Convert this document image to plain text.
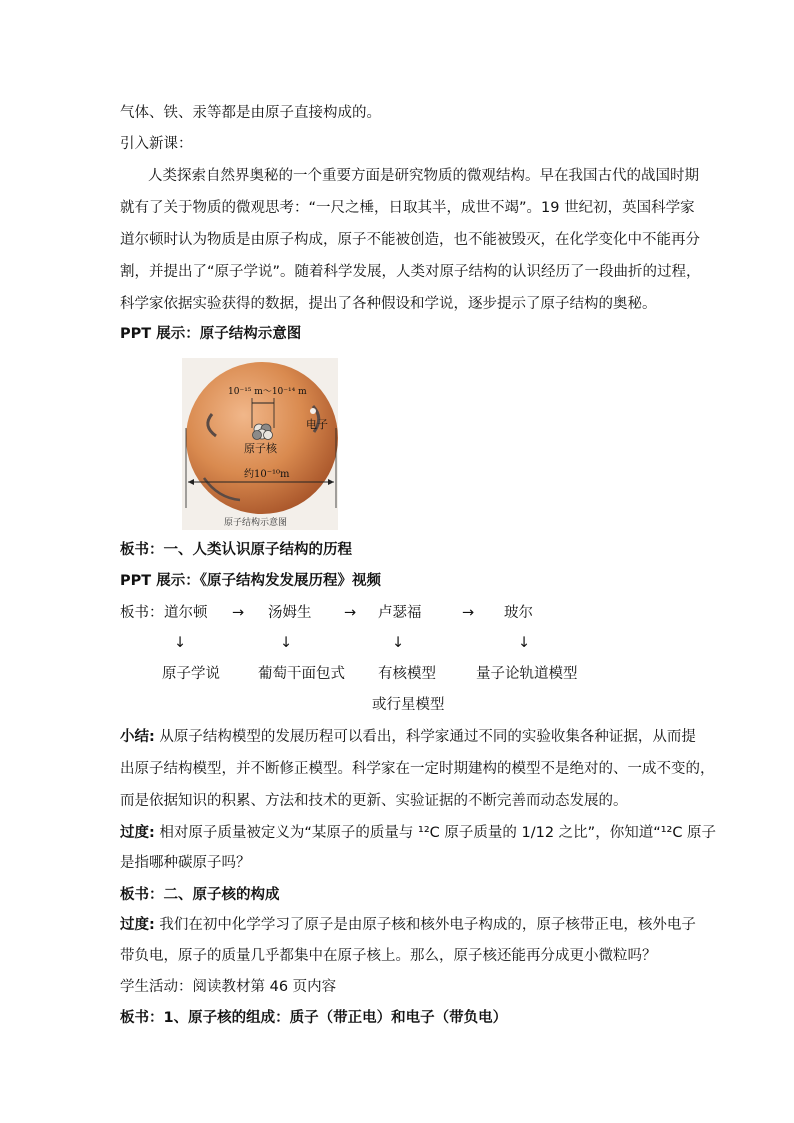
气体、铁、汞等都是由原子直接构成的。
引入新课：
人类探索自然界奥秘的一个重要方面是研究物质的微观结构。早在我国古代的战国时期
就有了关于物质的微观思考：“一尺之棰，日取其半，成世不竭”。19 世纪初，英国科学家
道尔顿时认为物质是由原子构成，原子不能被创造，也不能被毁灭，在化学变化中不能再分
割，并提出了“原子学说”。随着科学发展，人类对原子结构的认识经历了一段曲折的过程，
科学家依据实验获得的数据，提出了各种假设和学说，逐步提示了原子结构的奥秘。
PPT 展示：原子结构示意图
10⁻¹⁵ m～10⁻¹⁴ m
电子
原子核
约10⁻¹⁰m
原子结构示意图
板书：一、人类认识原子结构的历程
PPT 展示：《原子结构发发展历程》视频
板书： 道尔顿 → 汤姆生 → 卢瑟福	→ 玻尔
↓	↓	↓	↓
原子学说	葡萄干面包式 有核模型	量子论轨道模型
或行星模型
小结: 从原子结构模型的发展历程可以看出，科学家通过不同的实验收集各种证据，从而提
出原子结构模型，并不断修正模型。科学家在一定时期建构的模型不是绝对的、一成不变的，
而是依据知识的积累、方法和技术的更新、实验证据的不断完善而动态发展的。
过度: 相对原子质量被定义为“某原子的质量与 ¹²C 原子质量的 1/12 之比”，你知道“¹²C 原子
是指哪种碳原子吗？
板书：二、原子核的构成
过度: 我们在初中化学学习了原子是由原子核和核外电子构成的，原子核带正电，核外电子
带负电，原子的质量几乎都集中在原子核上。那么，原子核还能再分成更小微粒吗？
学生活动：阅读教材第 46 页内容
板书：1、原子核的组成：质子（带正电）和电子（带负电）
